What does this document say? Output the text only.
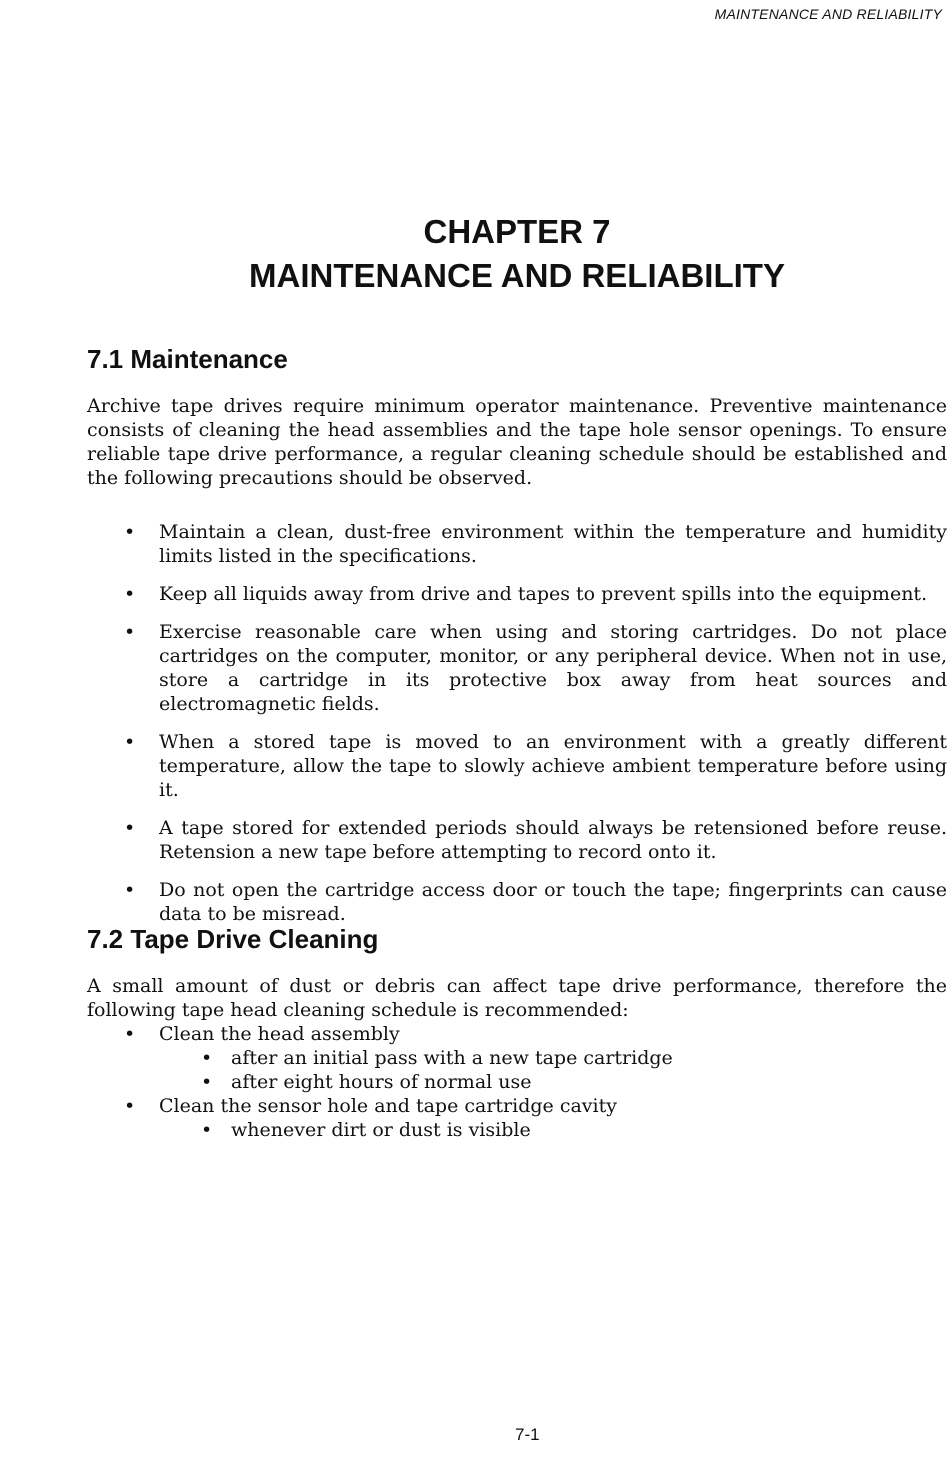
MAINTENANCE AND RELIABILITY
CHAPTER 7
MAINTENANCE AND RELIABILITY
7.1 Maintenance

Archive tape drives require minimum operator maintenance. Preventive maintenance consists of cleaning the head assemblies and the tape hole sensor openings. To ensure reliable tape drive performance, a regular cleaning schedule should be established and the following precautions should be observed.

• Maintain a clean, dust-free environment within the temperature and humidity limits listed in the specifications.
• Keep all liquids away from drive and tapes to prevent spills into the equipment.
• Exercise reasonable care when using and storing cartridges. Do not place cartridges on the computer, monitor, or any peripheral device. When not in use, store a cartridge in its protective box away from heat sources and electromagnetic fields.
• When a stored tape is moved to an environment with a greatly different temperature, allow the tape to slowly achieve ambient temperature before using it.
• A tape stored for extended periods should always be retensioned before reuse. Retension a new tape before attempting to record onto it.
• Do not open the cartridge access door or touch the tape; fingerprints can cause data to be misread.
7.2 Tape Drive Cleaning

A small amount of dust or debris can affect tape drive performance, therefore the following tape head cleaning schedule is recommended:

• Clean the head assembly
• after an initial pass with a new tape cartridge
• after eight hours of normal use
• Clean the sensor hole and tape cartridge cavity
• whenever dirt or dust is visible
7-1
